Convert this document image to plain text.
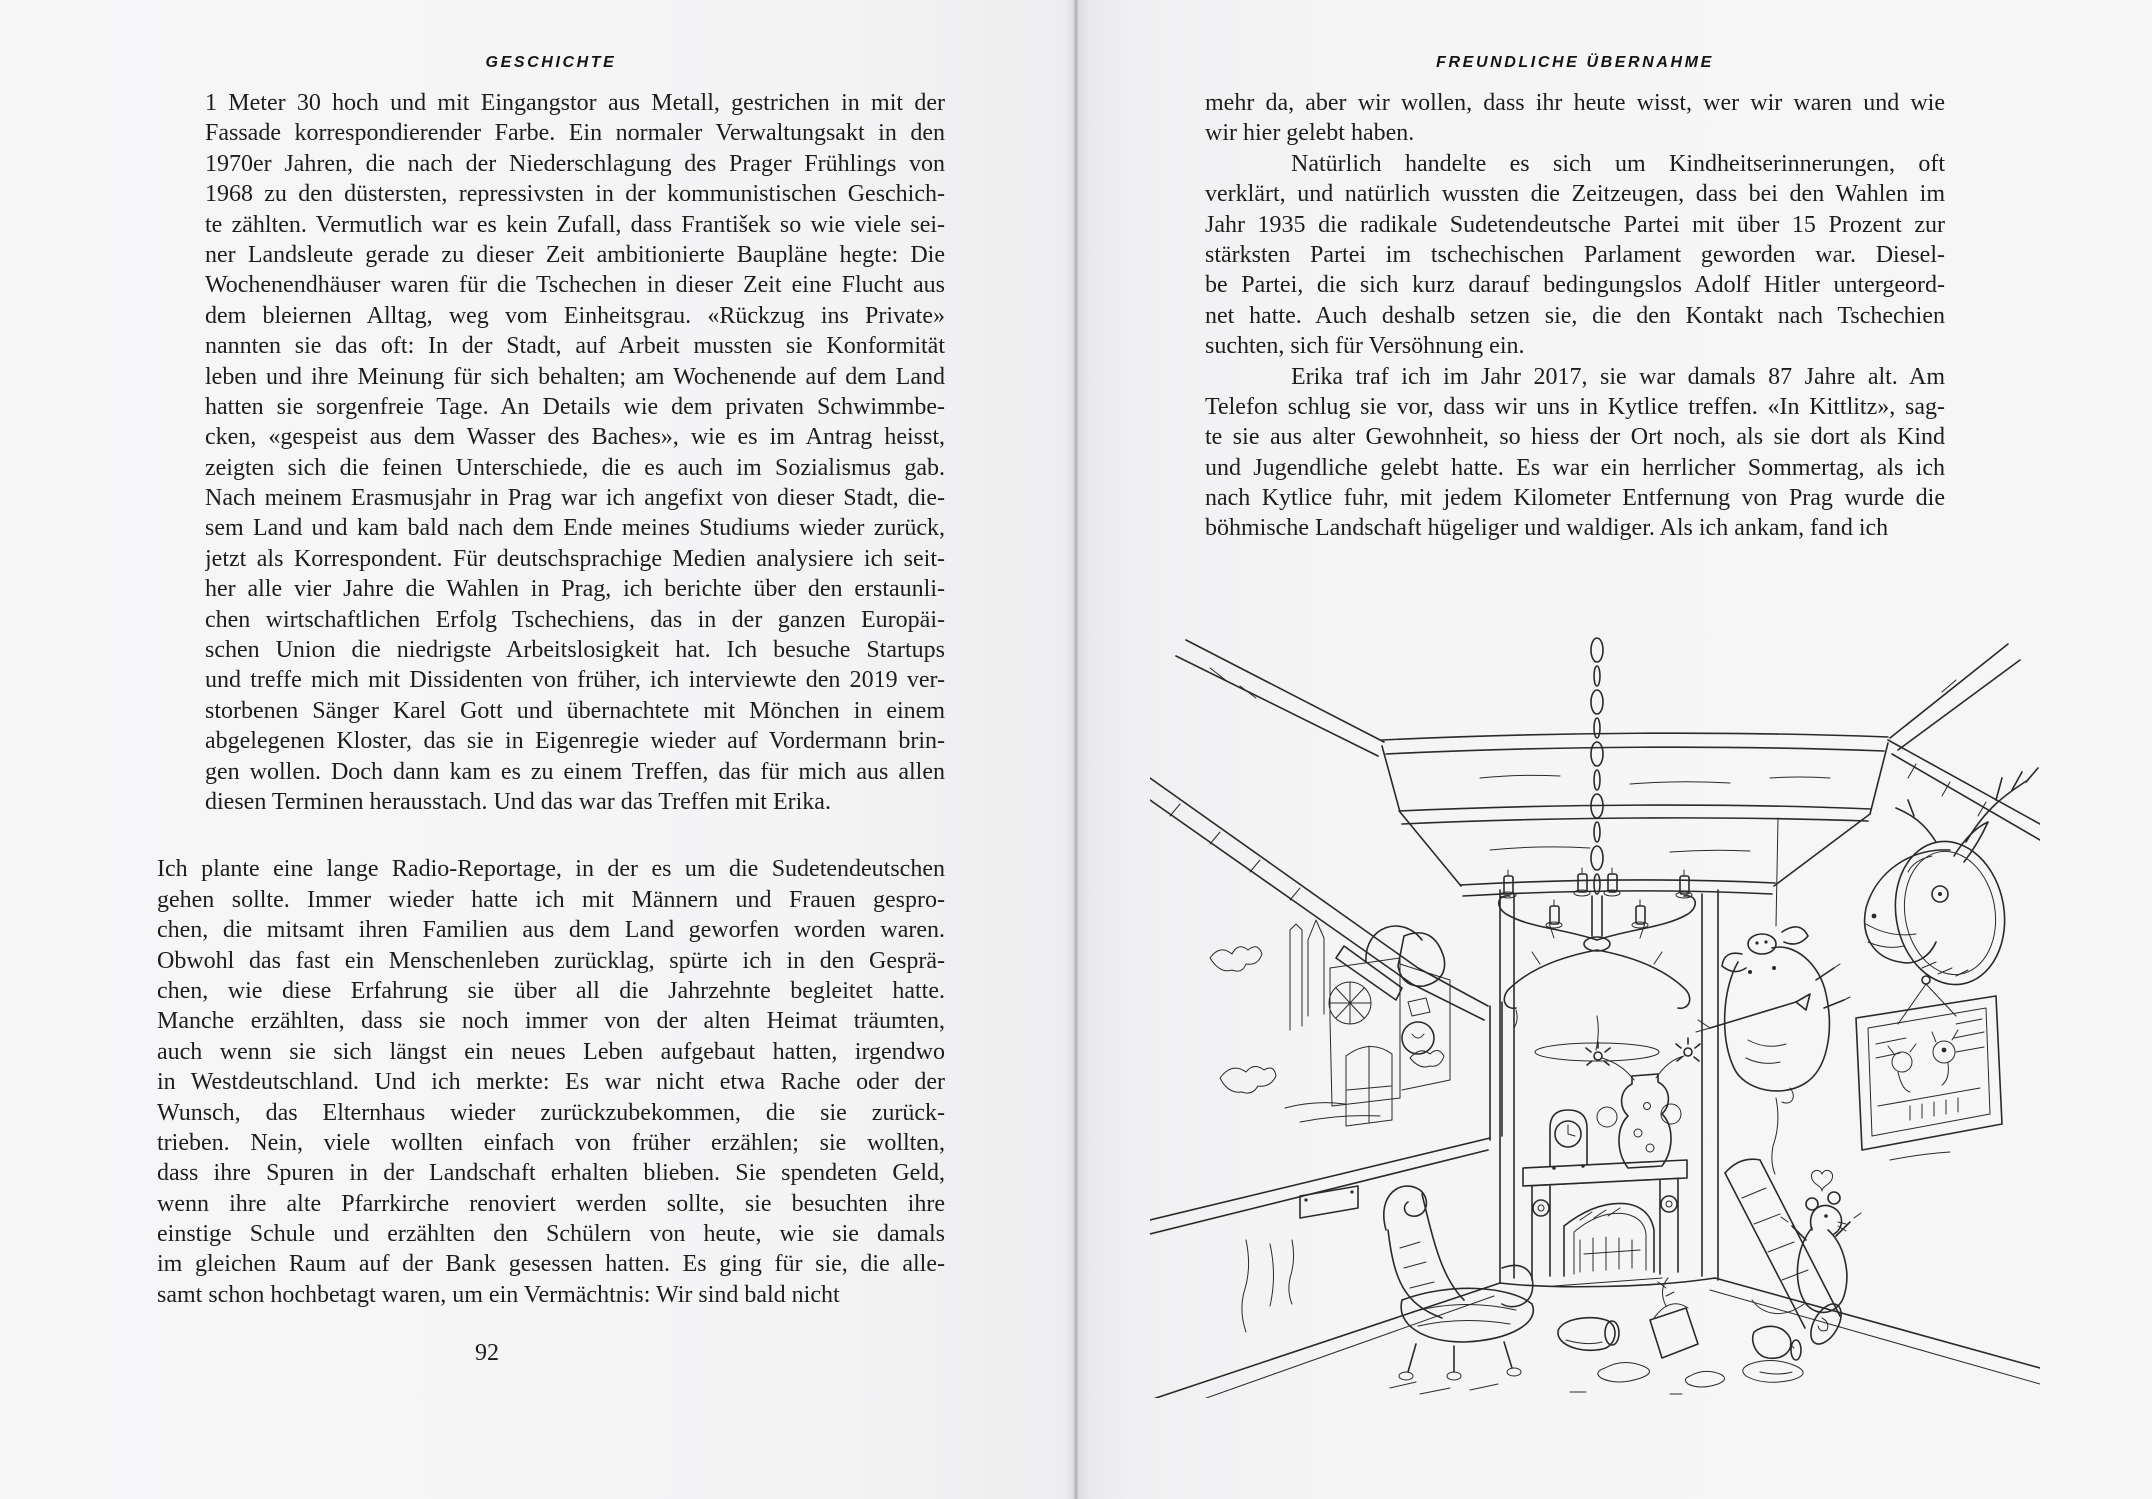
GESCHICHTE	FREUNDLICHE ÜBERNAHME
1 Meter 30 hoch und mit Eingangstor aus Metall, gestrichen in mit der
Fassade korrespondierender Farbe. Ein normaler Verwaltungsakt in den
1970er Jahren, die nach der Niederschlagung des Prager Frühlings von
1968 zu den düstersten, repressivsten in der kommunistischen Geschich-
te zählten. Vermutlich war es kein Zufall, dass František so wie viele sei-
ner Landsleute gerade zu dieser Zeit ambitionierte Baupläne hegte: Die
Wochenendhäuser waren für die Tschechen in dieser Zeit eine Flucht aus
dem bleiernen Alltag, weg vom Einheitsgrau. «Rückzug ins Private»
nannten sie das oft: In der Stadt, auf Arbeit mussten sie Konformität
leben und ihre Meinung für sich behalten; am Wochenende auf dem Land
hatten sie sorgenfreie Tage. An Details wie dem privaten Schwimmbe-
cken, «gespeist aus dem Wasser des Baches», wie es im Antrag heisst,
zeigten sich die feinen Unterschiede, die es auch im Sozialismus gab.
Nach meinem Erasmusjahr in Prag war ich angefixt von dieser Stadt, die-
sem Land und kam bald nach dem Ende meines Studiums wieder zurück,
jetzt als Korrespondent. Für deutschsprachige Medien analysiere ich seit-
her alle vier Jahre die Wahlen in Prag, ich berichte über den erstaunli-
chen wirtschaftlichen Erfolg Tschechiens, das in der ganzen Europäi-
schen Union die niedrigste Arbeitslosigkeit hat. Ich besuche Startups
und treffe mich mit Dissidenten von früher, ich interviewte den 2019 ver-
storbenen Sänger Karel Gott und übernachtete mit Mönchen in einem
abgelegenen Kloster, das sie in Eigenregie wieder auf Vordermann brin-
gen wollen. Doch dann kam es zu einem Treffen, das für mich aus allen
diesen Terminen herausstach. Und das war das Treffen mit Erika.
Ich plante eine lange Radio-Reportage, in der es um die Sudetendeutschen
gehen sollte. Immer wieder hatte ich mit Männern und Frauen gespro-
chen, die mitsamt ihren Familien aus dem Land geworfen worden waren.
Obwohl das fast ein Menschenleben zurücklag, spürte ich in den Gesprä-
chen, wie diese Erfahrung sie über all die Jahrzehnte begleitet hatte.
Manche erzählten, dass sie noch immer von der alten Heimat träumten,
auch wenn sie sich längst ein neues Leben aufgebaut hatten, irgendwo
in Westdeutschland. Und ich merkte: Es war nicht etwa Rache oder der
Wunsch, das Elternhaus wieder zurückzubekommen, die sie zurück-
trieben. Nein, viele wollten einfach von früher erzählen; sie wollten,
dass ihre Spuren in der Landschaft erhalten blieben. Sie spendeten Geld,
wenn ihre alte Pfarrkirche renoviert werden sollte, sie besuchten ihre
einstige Schule und erzählten den Schülern von heute, wie sie damals
im gleichen Raum auf der Bank gesessen hatten. Es ging für sie, die alle-
samt schon hochbetagt waren, um ein Vermächtnis: Wir sind bald nicht
mehr da, aber wir wollen, dass ihr heute wisst, wer wir waren und wie
wir hier gelebt haben.
Natürlich handelte es sich um Kindheitserinnerungen, oft
verklärt, und natürlich wussten die Zeitzeugen, dass bei den Wahlen im
Jahr 1935 die radikale Sudetendeutsche Partei mit über 15 Prozent zur
stärksten Partei im tschechischen Parlament geworden war. Diesel-
be Partei, die sich kurz darauf bedingungslos Adolf Hitler untergeord-
net hatte. Auch deshalb setzen sie, die den Kontakt nach Tschechien
suchten, sich für Versöhnung ein.
Erika traf ich im Jahr 2017, sie war damals 87 Jahre alt. Am
Telefon schlug sie vor, dass wir uns in Kytlice treffen. «In Kittlitz», sag-
te sie aus alter Gewohnheit, so hiess der Ort noch, als sie dort als Kind
und Jugendliche gelebt hatte. Es war ein herrlicher Sommertag, als ich
nach Kytlice fuhr, mit jedem Kilometer Entfernung von Prag wurde die
böhmische Landschaft hügeliger und waldiger. Als ich ankam, fand ich
92
